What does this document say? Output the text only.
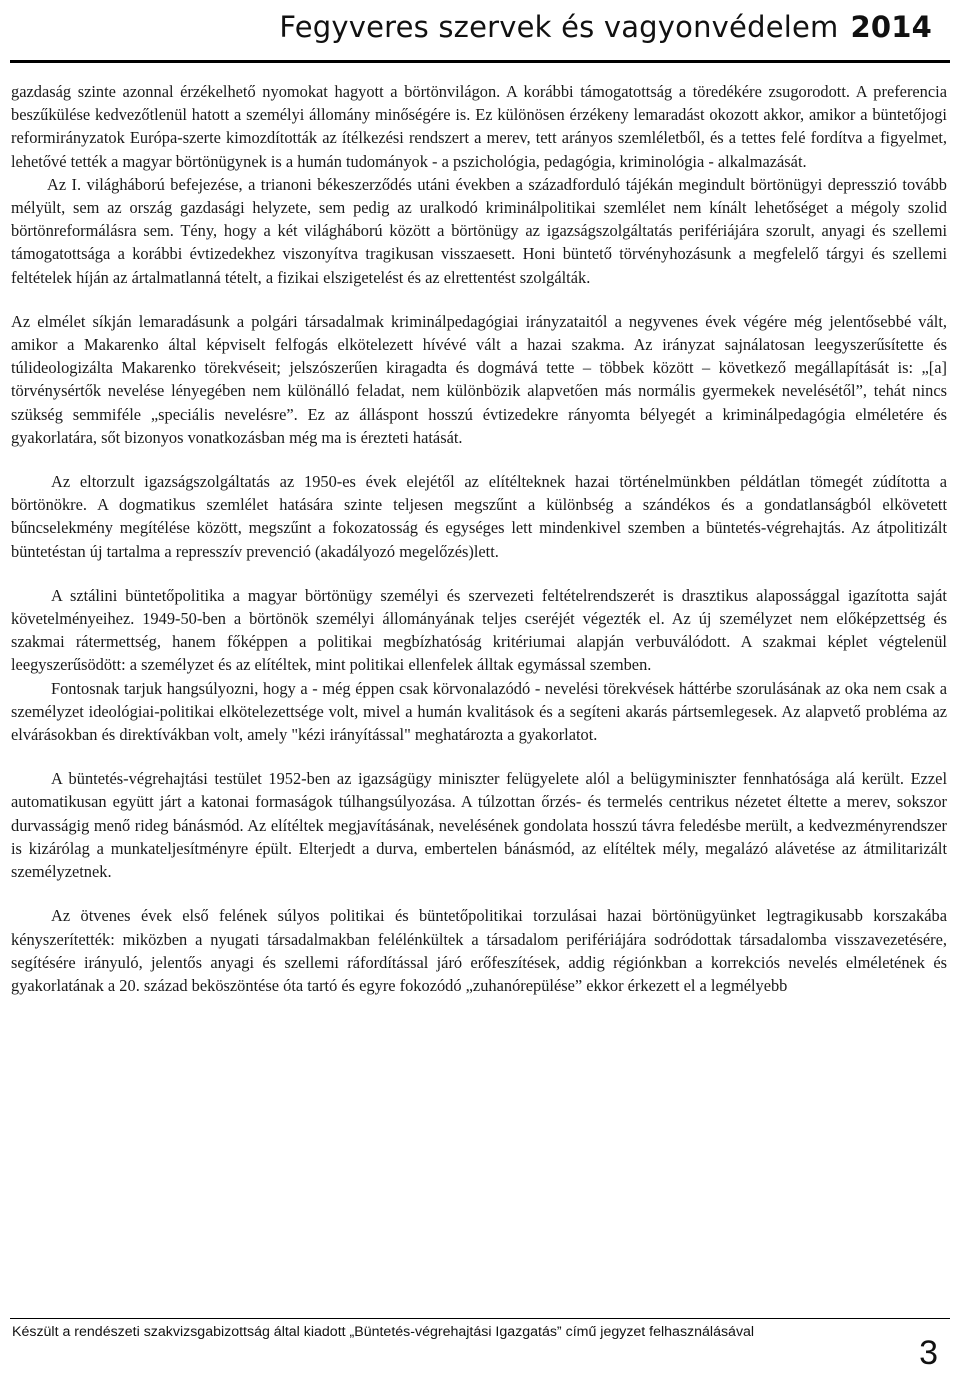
Fegyveres szervek és vagyonvédelem 2014

gazdaság szinte azonnal érzékelhető nyomokat hagyott a börtönvilágon. A korábbi támogatottság a töredékére zsugorodott. A preferencia beszűkülése kedvezőtlenül hatott a személyi állomány minőségére is. Ez különösen érzékeny lemaradást okozott akkor, amikor a büntetőjogi reformirányzatok Európa-szerte kimozdították az ítélkezési rendszert a merev, tett arányos szemléletből, és a tettes felé fordítva a figyelmet, lehetővé tették a magyar börtönügynek is a humán tudományok - a pszichológia, pedagógia, kriminológia - alkalmazását.

Az I. világháború befejezése, a trianoni békeszerződés utáni években a századforduló tájékán megindult börtönügyi depresszió tovább mélyült, sem az ország gazdasági helyzete, sem pedig az uralkodó kriminálpolitikai szemlélet nem kínált lehetőséget a mégoly szolid börtönreformálásra sem. Tény, hogy a két világháború között a börtönügy az igazságszolgáltatás perifériájára szorult, anyagi és szellemi támogatottsága a korábbi évtizedekhez viszonyítva tragikusan visszaesett. Honi büntető törvényhozásunk a megfelelő tárgyi és szellemi feltételek híján az ártalmatlanná tételt, a fizikai elszigetelést és az elrettentést szolgálták.

Az elmélet síkján lemaradásunk a polgári társadalmak kriminálpedagógiai irányzataitól a negyvenes évek végére még jelentősebbé vált, amikor a Makarenko által képviselt felfogás elkötelezett hívévé vált a hazai szakma. Az irányzat sajnálatosan leegyszerűsítette és túlideologizálta Makarenko törekvéseit; jelszószerűen kiragadta és dogmává tette – többek között – következő megállapítását is: „[a] törvénysértők nevelése lényegében nem különálló feladat, nem különbözik alapvetően más normális gyermekek nevelésétől”, tehát nincs szükség semmiféle „speciális nevelésre”. Ez az álláspont hosszú évtizedekre rányomta bélyegét a kriminálpedagógia elméletére és gyakorlatára, sőt bizonyos vonatkozásban még ma is érezteti hatását.

Az eltorzult igazságszolgáltatás az 1950-es évek elejétől az elítélteknek hazai történelmünkben példátlan tömegét zúdította a börtönökre. A dogmatikus szemlélet hatására szinte teljesen megszűnt a különbség a szándékos és a gondatlanságból elkövetett bűncselekmény megítélése között, megszűnt a fokozatosság és egységes lett mindenkivel szemben a büntetés-végrehajtás. Az átpolitizált büntetéstan új tartalma a represszív prevenció (akadályozó megelőzés)lett.

A sztálini büntetőpolitika a magyar börtönügy személyi és szervezeti feltételrendszerét is drasztikus alapossággal igazította saját követelményeihez. 1949-50-ben a börtönök személyi állományának teljes cseréjét végezték el. Az új személyzet nem előképzettség és szakmai rátermettség, hanem főképpen a politikai megbízhatóság kritériumai alapján verbuválódott. A szakmai képlet végtelenül leegyszerűsödött: a személyzet és az elítéltek, mint politikai ellenfelek álltak egymással szemben.

Fontosnak tarjuk hangsúlyozni, hogy a - még éppen csak körvonalazódó - nevelési törekvések háttérbe szorulásának az oka nem csak a személyzet ideológiai-politikai elkötelezettsége volt, mivel a humán kvalitások és a segíteni akarás pártsemlegesek. Az alapvető probléma az elvárásokban és direktívákban volt, amely "kézi irányítással" meghatározta a gyakorlatot.

A büntetés-végrehajtási testület 1952-ben az igazságügy miniszter felügyelete alól a belügyminiszter fennhatósága alá került. Ezzel automatikusan együtt járt a katonai formaságok túlhangsúlyozása. A túlzottan őrzés- és termelés centrikus nézetet éltette a merev, sokszor durvasságig menő rideg bánásmód. Az elítéltek megjavításának, nevelésének gondolata hosszú távra feledésbe merült, a kedvezményrendszer is kizárólag a munkateljesítményre épült. Elterjedt a durva, embertelen bánásmód, az elítéltek mély, megalázó alávetése az átmilitarizált személyzetnek.

Az ötvenes évek első felének súlyos politikai és büntetőpolitikai torzulásai hazai börtönügyünket legtragikusabb korszakába kényszerítették: miközben a nyugati társadalmakban felélénkültek a társadalom perifériájára sodródottak társadalomba visszavezetésére, segítésére irányuló, jelentős anyagi és szellemi ráfordítással járó erőfeszítések, addig régiónkban a korrekciós nevelés elméletének és gyakorlatának a 20. század beköszöntése óta tartó és egyre fokozódó „zuhanórepülése” ekkor érkezett el a legmélyebb

Készült a rendészeti szakvizsgabizottság által kiadott „Büntetés-végrehajtási Igazgatás” című jegyzet felhasználásával
3
